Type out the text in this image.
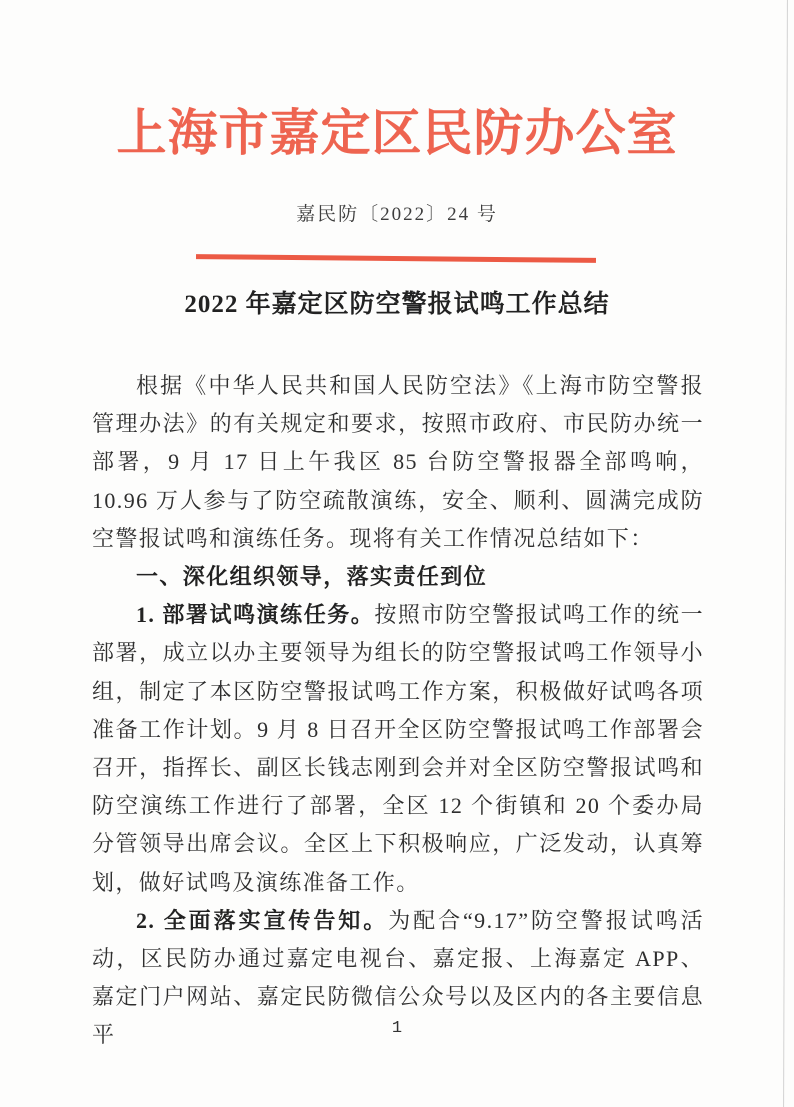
上海市嘉定区民防办公室
嘉民防〔2022〕24 号
2022 年嘉定区防空警报试鸣工作总结

根据《中华人民共和国人民防空法》《上海市防空警报管理办法》的有关规定和要求，按照市政府、市民防办统一部署，9 月 17 日上午我区 85 台防空警报器全部鸣响，10.96 万人参与了防空疏散演练，安全、顺利、圆满完成防空警报试鸣和演练任务。现将有关工作情况总结如下：

一、深化组织领导，落实责任到位

1. 部署试鸣演练任务。按照市防空警报试鸣工作的统一部署，成立以办主要领导为组长的防空警报试鸣工作领导小组，制定了本区防空警报试鸣工作方案，积极做好试鸣各项准备工作计划。9 月 8 日召开全区防空警报试鸣工作部署会召开，指挥长、副区长钱志刚到会并对全区防空警报试鸣和防空演练工作进行了部署，全区 12 个街镇和 20 个委办局分管领导出席会议。全区上下积极响应，广泛发动，认真筹划，做好试鸣及演练准备工作。

2. 全面落实宣传告知。为配合“9.17”防空警报试鸣活动，区民防办通过嘉定电视台、嘉定报、上海嘉定 APP、嘉定门户网站、嘉定民防微信公众号以及区内的各主要信息平	1
